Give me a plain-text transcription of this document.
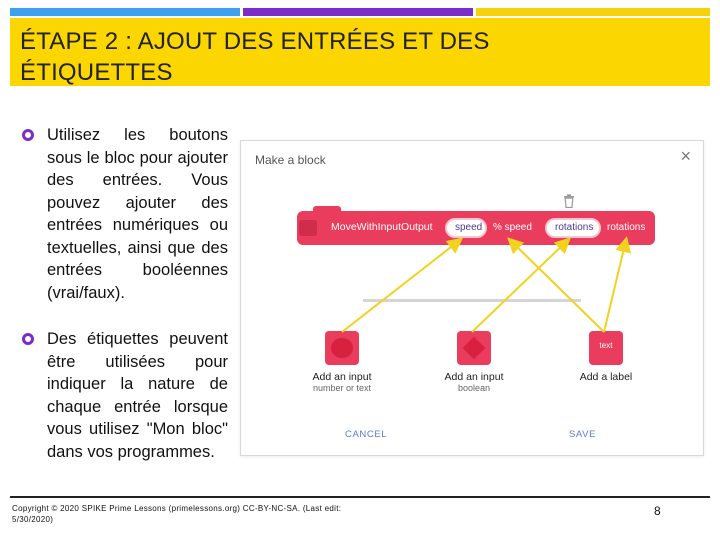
ÉTAPE 2 : AJOUT DES ENTRÉES ET DES ÉTIQUETTES
Utilisez les boutons sous le bloc pour ajouter des entrées. Vous pouvez ajouter des entrées numériques ou textuelles, ainsi que des entrées booléennes (vrai/faux).
Des étiquettes peuvent être utilisées pour indiquer la nature de chaque entrée lorsque vous utilisez "Mon bloc" dans vos programmes.
Make a block	×
MoveWithInputOutput	speed	% speed	rotations	rotations
Add an input
number or text
Add an input
boolean
text
Add a label
CANCEL	SAVE
Copyright © 2020 SPIKE Prime Lessons (primelessons.org) CC-BY-NC-SA. (Last edit: 5/30/2020)
8
